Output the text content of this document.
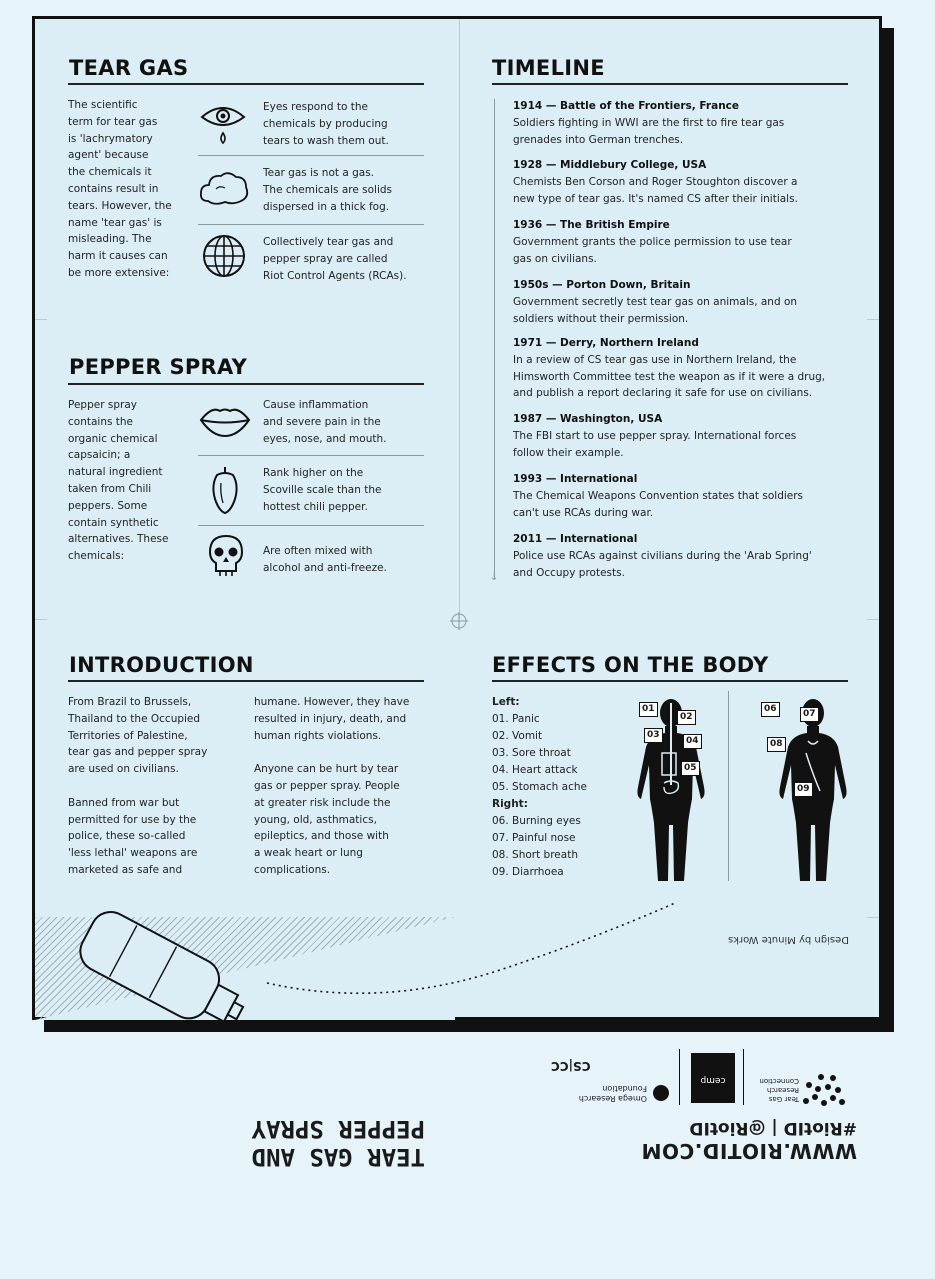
TEAR GAS
The scientific
term for tear gas
is 'lachrymatory
agent' because
the chemicals it
contains result in
tears. However, the
name 'tear gas' is
misleading. The
harm it causes can
be more extensive:
Eyes respond to the
chemicals by producing
tears to wash them out.
Tear gas is not a gas.
The chemicals are solids
dispersed in a thick fog.
Collectively tear gas and
pepper spray are called
Riot Control Agents (RCAs).
PEPPER SPRAY
Pepper spray
contains the
organic chemical
capsaicin; a
natural ingredient
taken from Chili
peppers. Some
contain synthetic
alternatives. These
chemicals:
Cause inflammation
and severe pain in the
eyes, nose, and mouth.
Rank higher on the
Scoville scale than the
hottest chili pepper.
Are often mixed with
alcohol and anti-freeze.
TIMELINE
↓
1914 — Battle of the Frontiers, France
Soldiers fighting in WWI are the first to fire tear gas
grenades into German trenches.
1928 — Middlebury College, USA
Chemists Ben Corson and Roger Stoughton discover a
new type of tear gas. It's named CS after their initials.
1936 — The British Empire
Government grants the police permission to use tear
gas on civilians.
1950s — Porton Down, Britain
Government secretly test tear gas on animals, and on
soldiers without their permission.
1971 — Derry, Northern Ireland
In a review of CS tear gas use in Northern Ireland, the
Himsworth Committee test the weapon as if it were a drug,
and publish a report declaring it safe for use on civilians.
1987 — Washington, USA
The FBI start to use pepper spray. International forces
follow their example.
1993 — International
The Chemical Weapons Convention states that soldiers
can't use RCAs during war.
2011 — International
Police use RCAs against civilians during the 'Arab Spring'
and Occupy protests.
INTRODUCTION
From Brazil to Brussels,
Thailand to the Occupied
Territories of Palestine,
tear gas and pepper spray
are used on civilians.

Banned from war but
permitted for use by the
police, these so-called
'less lethal' weapons are
marketed as safe and
humane. However, they have
resulted in injury, death, and
human rights violations.

Anyone can be hurt by tear
gas or pepper spray. People
at greater risk include the
young, old, asthmatics,
epileptics, and those with
a weak heart or lung
complications.
EFFECTS ON THE BODY
Left:
01. Panic
02. Vomit
03. Sore throat
04. Heart attack
05. Stomach ache
Right:
06. Burning eyes
07. Painful nose
08. Short breath
09. Diarrhoea
01
02
03
04
05
06	07
08
09
Design by Minute Works
Tear Gas Research Connection
cemp
CS|CC
Omega Research Foundation
WWW.RIOTID.COM
#RiotID | @RiotID
TEAR GAS AND
PEPPER SPRAY
